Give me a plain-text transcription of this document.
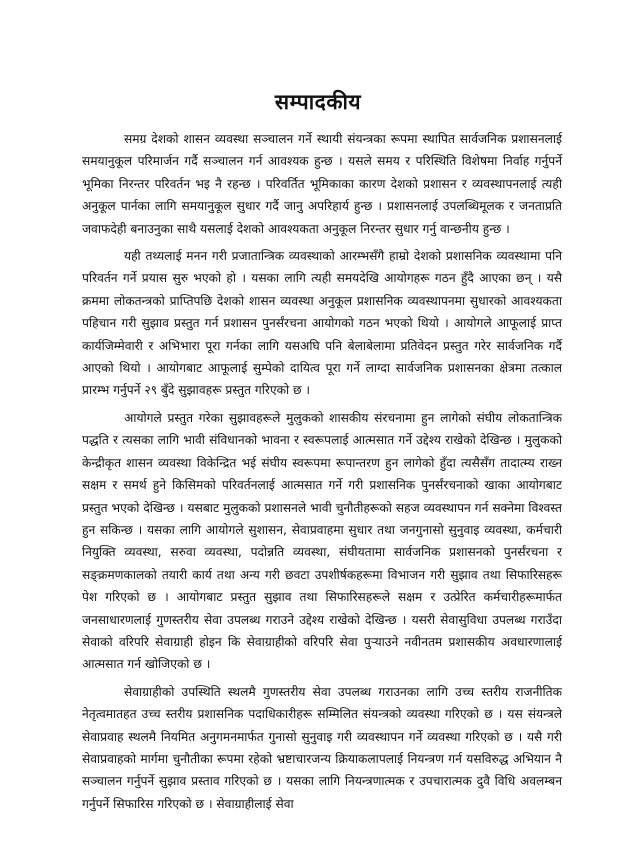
सम्पादकीय

समग्र देशको शासन व्यवस्था सञ्चालन गर्ने स्थायी संयन्त्रका रूपमा स्थापित सार्वजनिक प्रशासनलाई समयानुकूल परिमार्जन गर्दै सञ्चालन गर्न आवश्यक हुन्छ । यसले समय र परिस्थिति विशेषमा निर्वाह गर्नुपर्ने भूमिका निरन्तर परिवर्तन भइ नै रहन्छ । परिवर्तित भूमिकाका कारण देशको प्रशासन र व्यवस्थापनलाई त्यही अनुकूल पार्नका लागि समयानुकूल सुधार गर्दै जानु अपरिहार्य हुन्छ । प्रशासनलाई उपलब्धिमूलक र जनताप्रति जवाफदेही बनाउनुका साथै यसलाई देशको आवश्यकता अनुकूल निरन्तर सुधार गर्नु वान्छनीय हुन्छ ।

यही तथ्यलाई मनन गरी प्रजातान्त्रिक व्यवस्थाको आरम्भसँगै हाम्रो देशको प्रशासनिक व्यवस्थामा पनि परिवर्तन गर्ने प्रयास सुरु भएको हो । यसका लागि त्यही समयदेखि आयोगहरू गठन हुँदै आएका छन् । यसै क्रममा लोकतन्त्रको प्राप्तिपछि देशको शासन व्यवस्था अनुकूल प्रशासनिक व्यवस्थापनमा सुधारको आवश्यकता पहिचान गरी सुझाव प्रस्तुत गर्न प्रशासन पुनर्संरचना आयोगको गठन भएको थियो । आयोगले आफूलाई प्राप्त कार्यजिम्मेवारी र अभिभारा पूरा गर्नका लागि यसअघि पनि बेलाबेलामा प्रतिवेदन प्रस्तुत गरेर सार्वजनिक गर्दै आएको थियो । आयोगबाट आफूलाई सुम्पेको दायित्व पूरा गर्ने लाग्दा सार्वजनिक प्रशासनका क्षेत्रमा तत्काल प्रारम्भ गर्नुपर्ने २९ बुँदे सुझावहरू प्रस्तुत गरिएको छ ।

आयोगले प्रस्तुत गरेका सुझावहरूले मुलुकको शासकीय संरचनामा हुन लागेको संघीय लोकतान्त्रिक पद्धति र त्यसका लागि भावी संविधानको भावना र स्वरूपलाई आत्मसात गर्ने उद्देश्य राखेको देखिन्छ । मुलुकको केन्द्रीकृत शासन व्यवस्था विकेन्द्रित भई संघीय स्वरूपमा रूपान्तरण हुन लागेको हुँदा त्यसैसँग तादात्म्य राख्न सक्षम र समर्थ हुने किसिमको परिवर्तनलाई आत्मसात गर्ने गरी प्रशासनिक पुनर्संरचनाको खाका आयोगबाट प्रस्तुत भएको देखिन्छ । यसबाट मुलुकको प्रशासनले भावी चुनौतीहरूको सहज व्यवस्थापन गर्न सक्नेमा विश्वस्त हुन सकिन्छ । यसका लागि आयोगले सुशासन, सेवाप्रवाहमा सुधार तथा जनगुनासो सुनुवाइ व्यवस्था, कर्मचारी नियुक्ति व्यवस्था, सरुवा व्यवस्था, पदोन्नति व्यवस्था, संघीयतामा सार्वजनिक प्रशासनको पुनर्संरचना र सङ्क्रमणकालको तयारी कार्य तथा अन्य गरी छवटा उपशीर्षकहरूमा विभाजन गरी सुझाव तथा सिफारिसहरू पेश गरिएको छ । आयोगबाट प्रस्तुत सुझाव तथा सिफारिसहरूले सक्षम र उत्प्रेरित कर्मचारीहरूमार्फत जनसाधारणलाई गुणस्तरीय सेवा उपलब्ध गराउने उद्देश्य राखेको देखिन्छ । यसरी सेवासुविधा उपलब्ध गराउँदा सेवाको वरिपरि सेवाग्राही होइन कि सेवाग्राहीको वरिपरि सेवा पुऱ्याउने नवीनतम प्रशासकीय अवधारणालाई आत्मसात गर्न खोजिएको छ ।

सेवाग्राहीको उपस्थिति स्थलमै गुणस्तरीय सेवा उपलब्ध गराउनका लागि उच्च स्तरीय राजनीतिक नेतृत्वमातहत उच्च स्तरीय प्रशासनिक पदाधिकारीहरू सम्मिलित संयन्त्रको व्यवस्था गरिएको छ । यस संयन्त्रले सेवाप्रवाह स्थलमै नियमित अनुगमनमार्फत गुनासो सुनुवाइ गरी व्यवस्थापन गर्ने व्यवस्था गरिएको छ । यसै गरी सेवाप्रवाहको मार्गमा चुनौतीका रूपमा रहेको भ्रष्टाचारजन्य क्रियाकलापलाई नियन्त्रण गर्न यसविरुद्ध अभियान नै सञ्चालन गर्नुपर्ने सुझाव प्रस्ताव गरिएको छ । यसका लागि नियन्त्रणात्मक र उपचारात्मक दुवै विधि अवलम्बन गर्नुपर्ने सिफारिस गरिएको छ । सेवाग्राहीलाई सेवा
